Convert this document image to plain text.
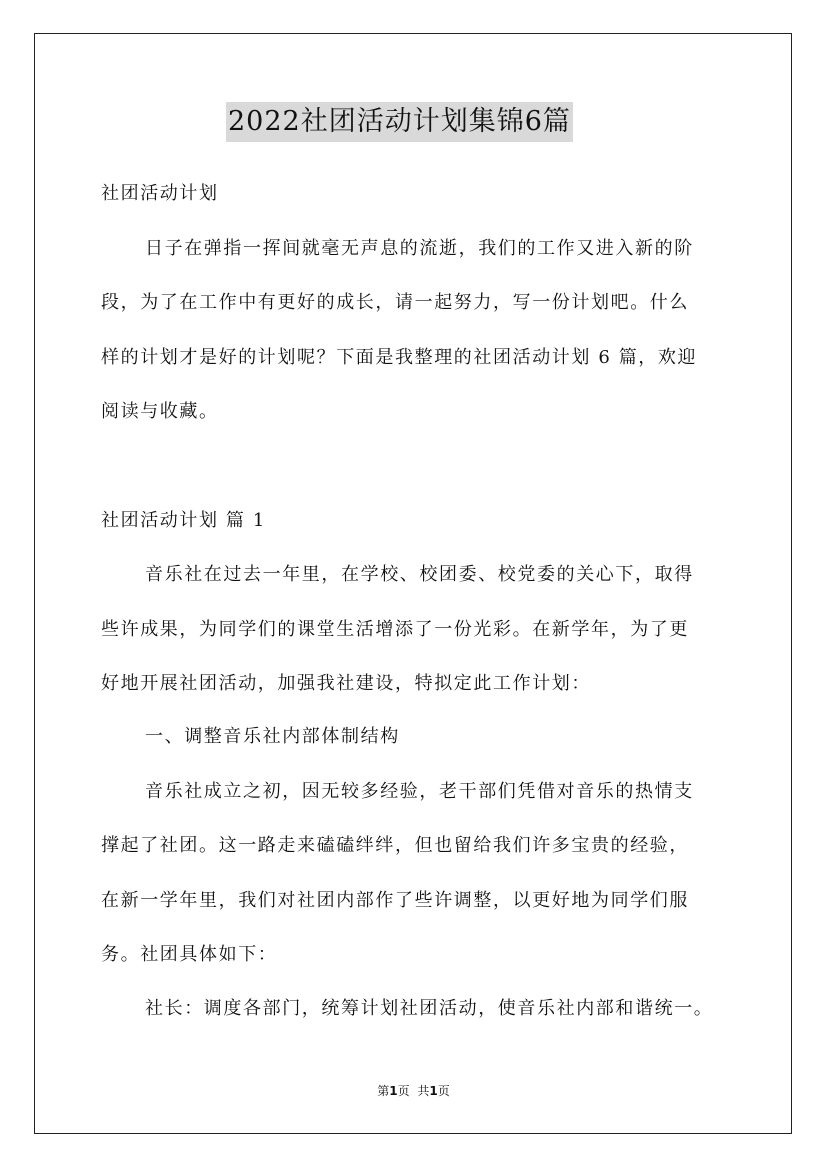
2022社团活动计划集锦6篇
社团活动计划
日子在弹指一挥间就毫无声息的流逝，我们的工作又进入新的阶
段，为了在工作中有更好的成长，请一起努力，写一份计划吧。什么
样的计划才是好的计划呢？下面是我整理的社团活动计划 6 篇，欢迎
阅读与收藏。
社团活动计划 篇 1
音乐社在过去一年里，在学校、校团委、校党委的关心下，取得
些许成果，为同学们的课堂生活增添了一份光彩。在新学年，为了更
好地开展社团活动，加强我社建设，特拟定此工作计划：
一、调整音乐社内部体制结构
音乐社成立之初，因无较多经验，老干部们凭借对音乐的热情支
撑起了社团。这一路走来磕磕绊绊，但也留给我们许多宝贵的经验，
在新一学年里，我们对社团内部作了些许调整，以更好地为同学们服
务。社团具体如下：
社长：调度各部门，统筹计划社团活动，使音乐社内部和谐统一。
第1页 共1页
